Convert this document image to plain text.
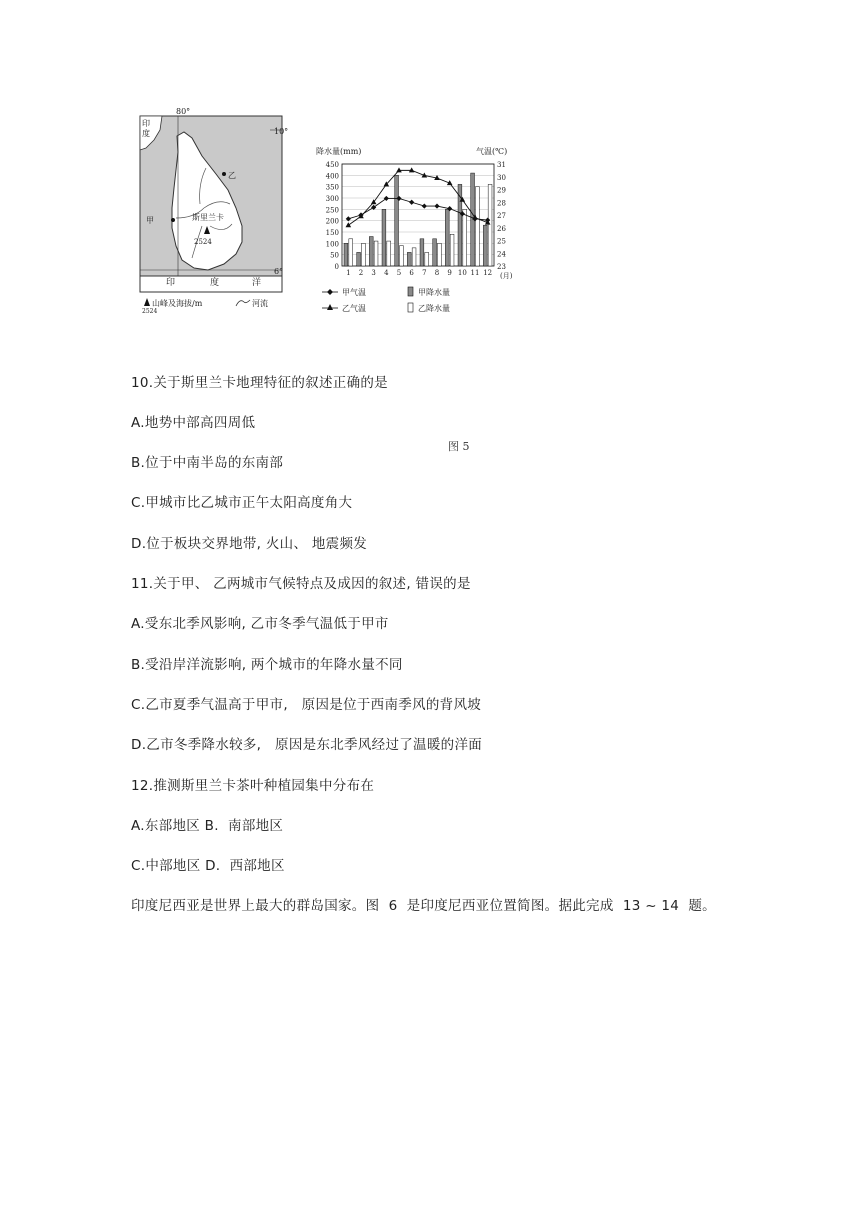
80°
10°
6°
印
度
甲
乙
斯里兰卡
2524
印	度	洋
2524
山峰及海拔/m	河流
降水量(mm)	气温(℃)
0
50
100
150
200
250
300
350
400
450
23
24
25
26
27
28
29
30
31
1 2 3 4 5 6 7 8 9 10 11 12 (月)
甲气温	甲降水量
乙气温	乙降水量
图 5
10.关于斯里兰卡地理特征的叙述正确的是
A.地势中部高四周低
B.位于中南半岛的东南部
C.甲城市比乙城市正午太阳高度角大
D.位于板块交界地带, 火山、 地震频发
11.关于甲、 乙两城市气候特点及成因的叙述, 错误的是
A.受东北季风影响, 乙市冬季气温低于甲市
B.受沿岸洋流影响, 两个城市的年降水量不同
C.乙市夏季气温高于甲市,   原因是位于西南季风的背风坡
D.乙市冬季降水较多,   原因是东北季风经过了温暖的洋面
12.推测斯里兰卡茶叶种植园集中分布在
A.东部地区 B.  南部地区
C.中部地区 D.  西部地区
印度尼西亚是世界上最大的群岛国家。图  6  是印度尼西亚位置简图。据此完成  13 ~ 14  题。
